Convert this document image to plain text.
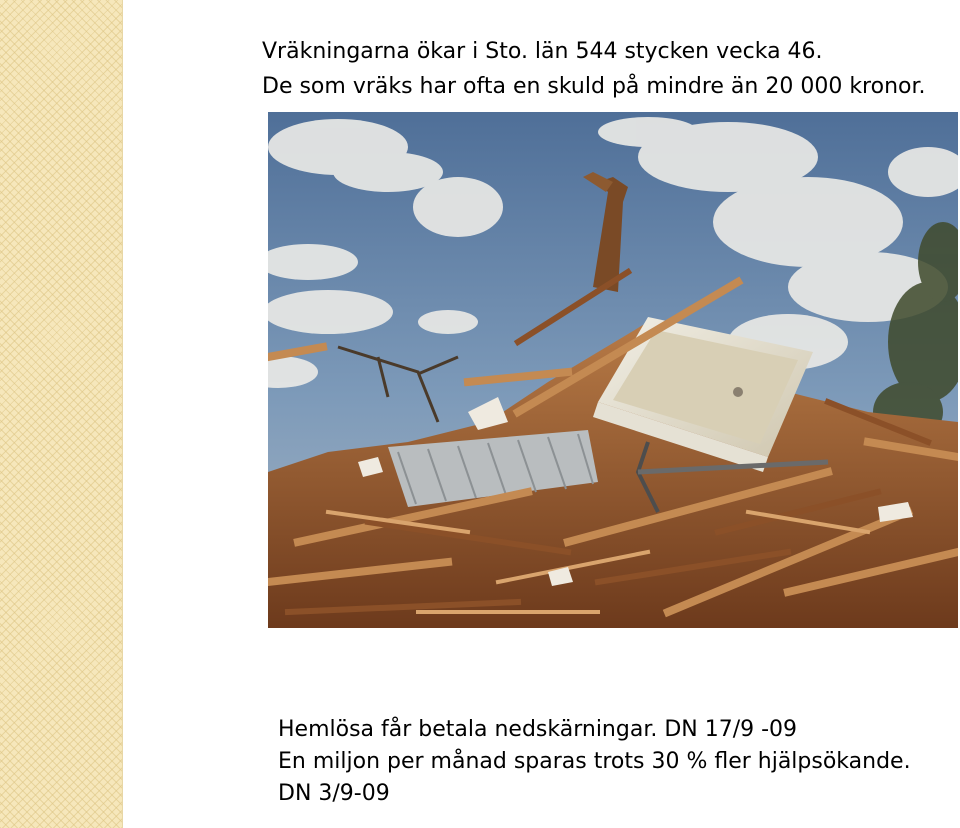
Vräkningarna ökar i Sto. län 544 stycken vecka 46.
De som vräks har ofta en skuld på mindre än 20 000 kronor.
Hemlösa får betala nedskärningar. DN 17/9 -09
En miljon per månad sparas trots 30 % fler hjälpsökande.
DN 3/9-09
